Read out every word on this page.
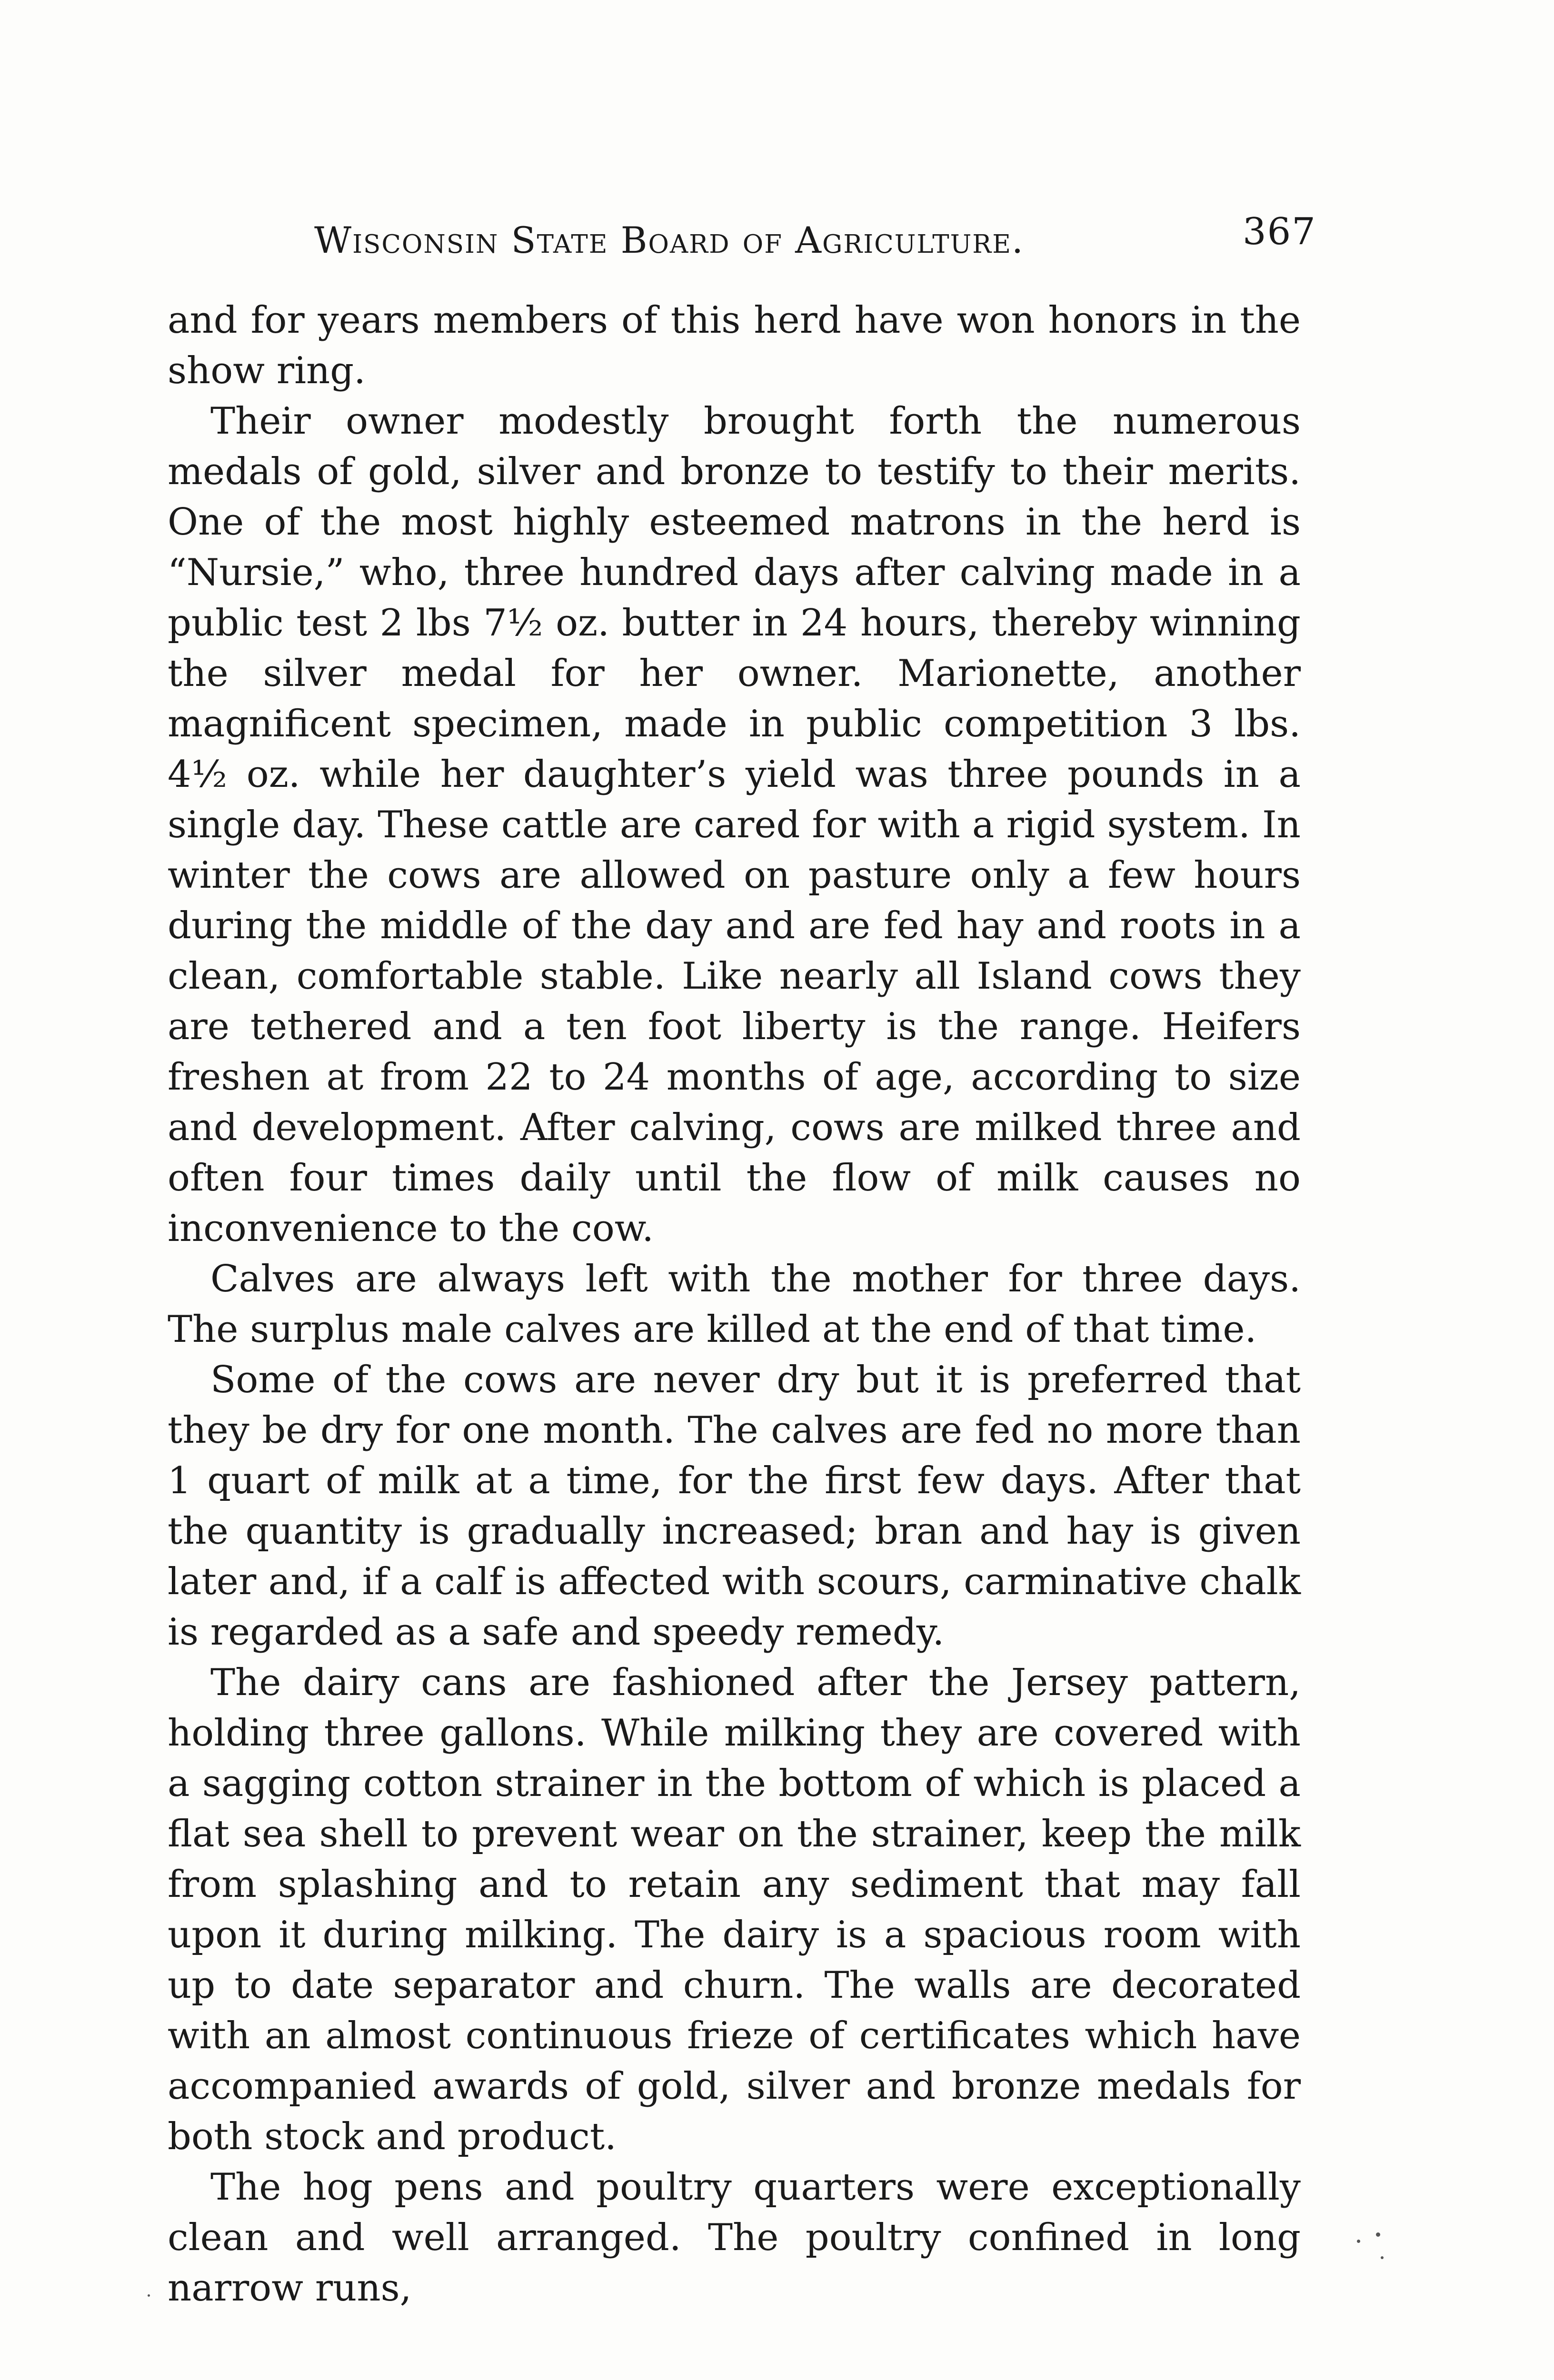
Wisconsin State Board of Agriculture.	367

and for years members of this herd have won honors in the show ring.

Their owner modestly brought forth the numerous medals of gold, silver and bronze to testify to their merits. One of the most highly esteemed matrons in the herd is “Nursie,” who, three hundred days after calving made in a public test 2 lbs 7½ oz. butter in 24 hours, thereby winning the silver medal for her owner. Marionette, another magnificent specimen, made in public competition 3 lbs. 4½ oz. while her daughter’s yield was three pounds in a single day. These cattle are cared for with a rigid system. In winter the cows are allowed on pasture only a few hours during the middle of the day and are fed hay and roots in a clean, comfortable stable. Like nearly all Island cows they are tethered and a ten foot liberty is the range. Heifers freshen at from 22 to 24 months of age, according to size and development. After calving, cows are milked three and often four times daily until the flow of milk causes no inconvenience to the cow.

Calves are always left with the mother for three days. The surplus male calves are killed at the end of that time.

Some of the cows are never dry but it is preferred that they be dry for one month. The calves are fed no more than 1 quart of milk at a time, for the first few days. After that the quantity is gradually increased; bran and hay is given later and, if a calf is affected with scours, carminative chalk is regarded as a safe and speedy remedy.

The dairy cans are fashioned after the Jersey pattern, holding three gallons. While milking they are covered with a sagging cotton strainer in the bottom of which is placed a flat sea shell to prevent wear on the strainer, keep the milk from splashing and to retain any sediment that may fall upon it during milking. The dairy is a spacious room with up to date separator and churn. The walls are decorated with an almost continuous frieze of certificates which have accompanied awards of gold, silver and bronze medals for both stock and product.

The hog pens and poultry quarters were exceptionally clean and well arranged. The poultry confined in long narrow runs,
